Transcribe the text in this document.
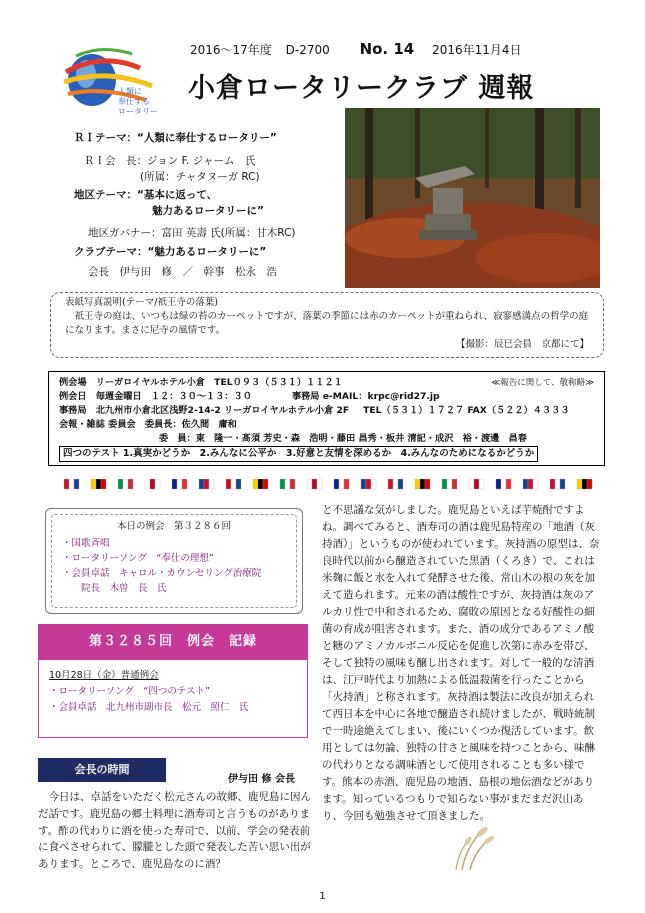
人類に
奉仕する
ロータリー
2016～17年度 D-2700 No. 14 2016年11月4日
小倉ロータリークラブ 週報
ＲＩテーマ：“人類に奉仕するロータリー”
ＲＩ会　長：ジョン F. ジャーム　氏
(所属：チャタヌーガ RC)
地区テーマ：“基本に返って、
魅力あるロータリーに”
地区ガバナー：富田 英壽 氏(所属：甘木RC)
クラブテーマ：“魅力あるロータリーに”
会長　伊与田　修　／　幹事　松永　浩
表紙写真説明(テーマ/祇王寺の落葉)
　祇王寺の庭は、いつもは緑の苔のカーペットですが、落葉の季節には赤のカーペットが重ねられ、寂寥感満点の哲学の庭になります。まさに尼寺の風情です。
【撮影：辰巳会員　京都にて】
例会場　リーガロイヤルホテル小倉　TEL０９３（５３１）１１２１	≪報告に関して、敬称略≫
例会日　毎週金曜日　１２：３０～１３：３０	事務局 e-MAIL：krpc@rid27.jp
事務局　北九州市小倉北区浅野2-14-2 リーガロイヤルホテル小倉 2F TEL（５３１）１７２７ FAX（５２２）４３３３
会報・雑誌 委員会　委員長：佐久間　庸和
委　員：東　隆一・髙須 芳史・森　浩明・藤田 昌秀・板井 清記・成沢　裕・渡邊　昌春
四つのテスト 1.真実かどうか　2.みんなに公平か　3.好意と友情を深めるか　4.みんなのためになるかどうか
本日の例会　第３２８６回
・国歌斉唱
・ロータリーソング　“奉仕の理想”
・会員卓話　キャロル・カウンセリング治療院
　　院長　木曽　長　氏
第３２８５回　例会　記録
10月28日（金）普通例会
・ロータリーソング　“四つのテスト”
・会員卓話　北九州市副市長　松元　照仁　氏
会長の時間
伊与田 修 会長
　今日は、卓話をいただく松元さんの故郷、鹿児島に因んだ話です。鹿児島の郷土料理に酒寿司と言うものがあります。酢の代わりに酒を使った寿司で、以前、学会の発表前に食べさせられて、朦朧とした頭で発表した苦い思い出があります。ところで、鹿児島なのに酒？
と不思議な気がしました。鹿児島といえば芋焼酎ですよね。調べてみると、酒寿司の酒は鹿児島特産の「地酒（灰持酒）」というものが使われています。灰持酒の原型は、奈良時代以前から醸造されていた黒酒（くろき）で、これは米麹に飯と水を入れて発酵させた後、常山木の根の灰を加えて造られます。元来の酒は酸性ですが、灰持酒は灰のアルカリ性で中和されるため、腐敗の原因となる好酸性の細菌の育成が阻害されます。また、酒の成分であるアミノ酸と糖のアミノカルボニル反応を促進し次第に赤みを帯び、そして独特の風味も醸し出されます。対して一般的な清酒は、江戸時代より加熱による低温殺菌を行ったことから「火持酒」と称されます。灰持酒は製法に改良が加えられて西日本を中心に各地で醸造され続けましたが、戦時統制で一時途絶えてしまい、後にいくつか復活しています。飲用としては勿論、独特の甘さと風味を持つことから、味醂の代わりとなる調味酒として使用されることも多い様です。熊本の赤酒、鹿児島の地酒、島根の地伝酒などがあります。知っているつもりで知らない事がまだまだ沢山あり、今回も勉強させて頂きました。
1
